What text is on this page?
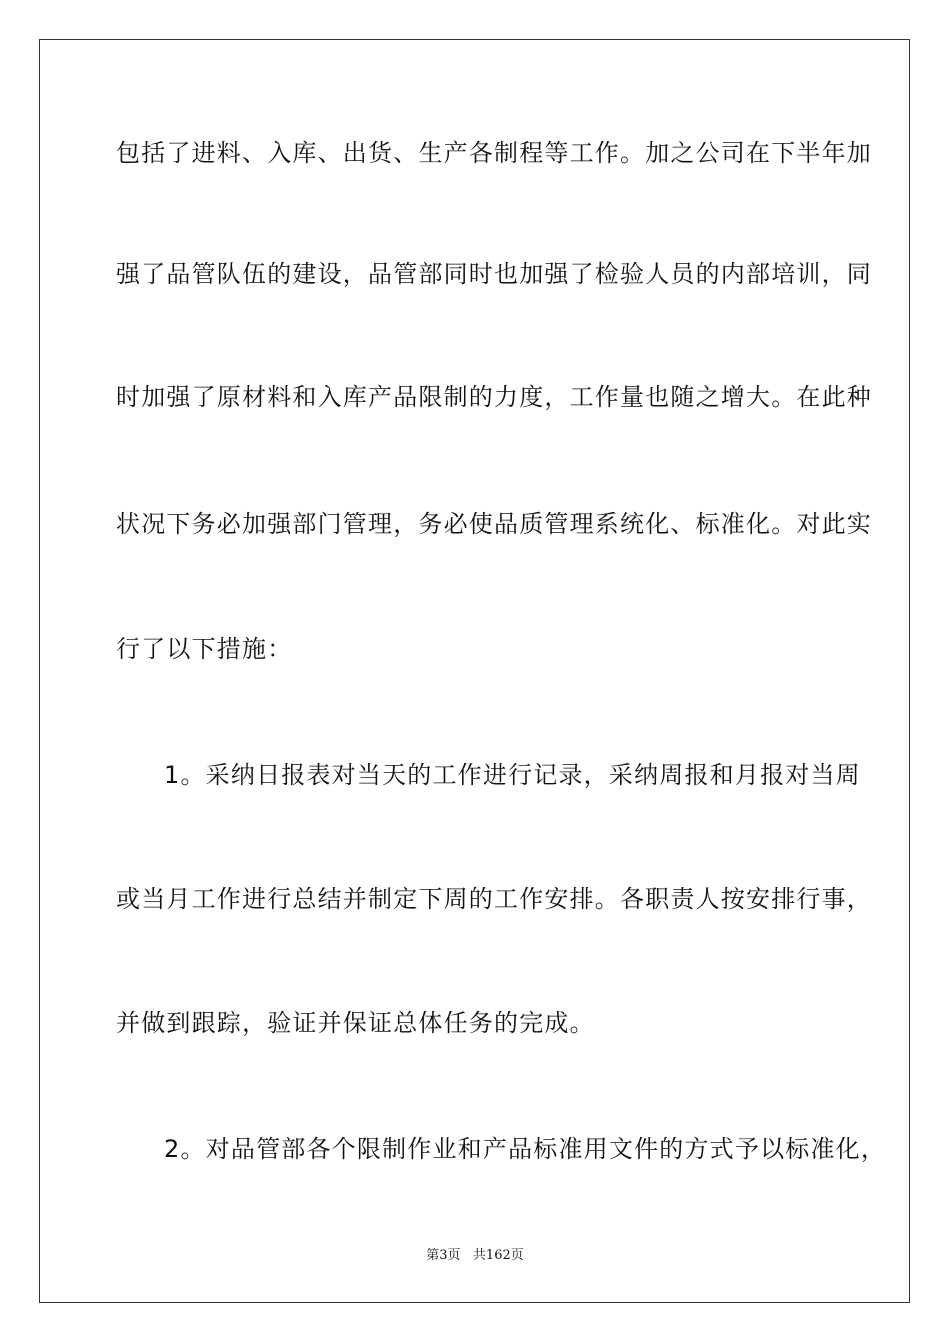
包括了进料、入库、出货、生产各制程等工作。加之公司在下半年加
强了品管队伍的建设，品管部同时也加强了检验人员的内部培训，同
时加强了原材料和入库产品限制的力度，工作量也随之增大。在此种
状况下务必加强部门管理，务必使品质管理系统化、标准化。对此实
行了以下措施：
1。采纳日报表对当天的工作进行记录，采纳周报和月报对当周
或当月工作进行总结并制定下周的工作安排。各职责人按安排行事，
并做到跟踪，验证并保证总体任务的完成。
2。对品管部各个限制作业和产品标准用文件的方式予以标准化，
第3页 共162页
